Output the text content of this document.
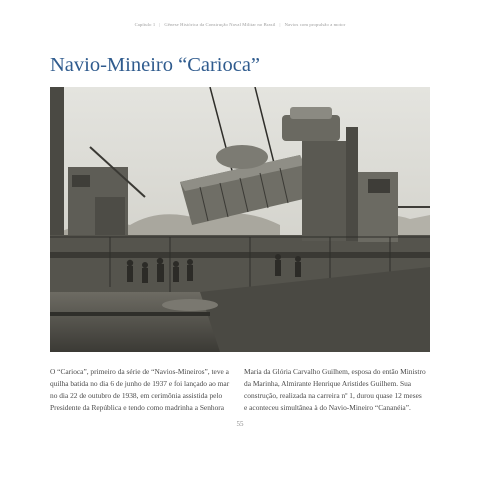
Capítulo 1 | Gênese Histórica da Construção Naval Militar no Brasil | Navios com propulsão a motor
Navio-Mineiro “Carioca”
O “Carioca”, primeiro da série de “Navios-Mineiros”, teve a
quilha batida no dia 6 de junho de 1937 e foi lançado ao mar
no dia 22 de outubro de 1938, em cerimônia assistida pelo
Presidente da República e tendo como madrinha a Senhora
Maria da Glória Carvalho Guilhem, esposa do então Ministro
da Marinha, Almirante Henrique Aristides Guilhem. Sua
construção, realizada na carreira nº 1, durou quase 12 meses
e aconteceu simultânea à do Navio-Mineiro “Cananéia”.
55
